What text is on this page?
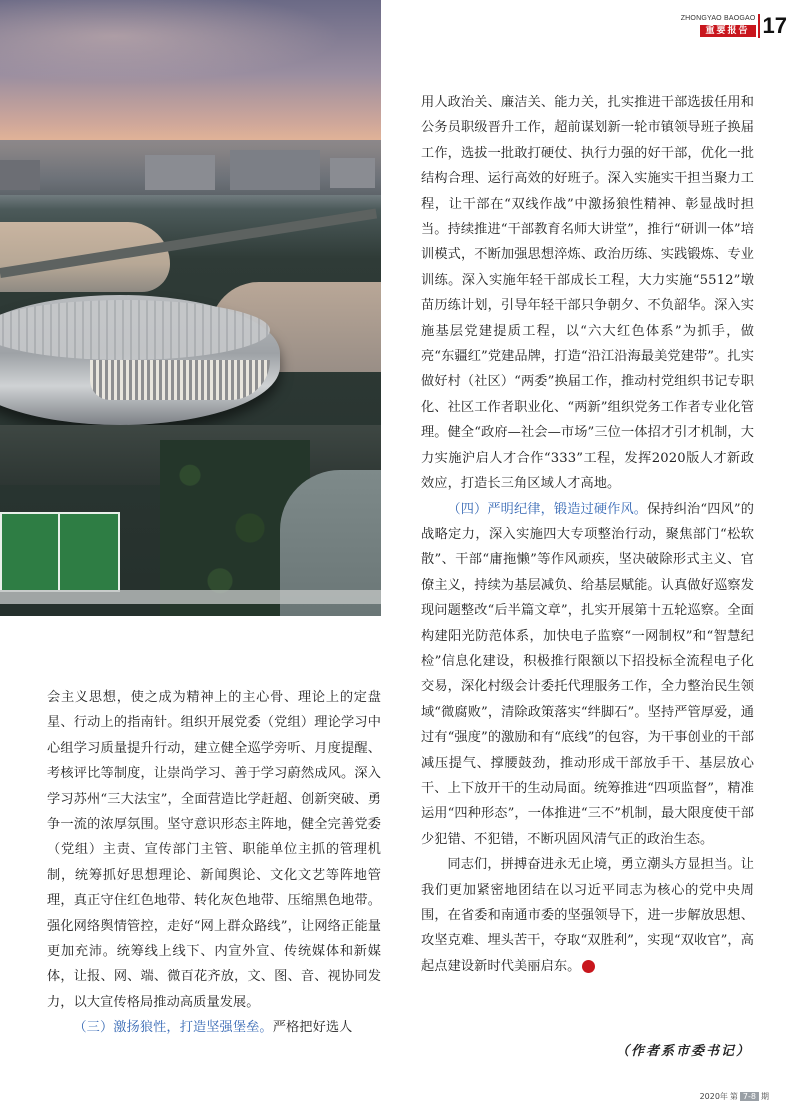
ZHONGYAO BAOGAO
重要报告 17

用人政治关、廉洁关、能力关，扎实推进干部选拔任用和公务员职级晋升工作，超前谋划新一轮市镇领导班子换届工作，选拔一批敢打硬仗、执行力强的好干部，优化一批结构合理、运行高效的好班子。深入实施实干担当聚力工程，让干部在“双线作战”中激扬狼性精神、彰显战时担当。持续推进“干部教育名师大讲堂”，推行“研训一体”培训模式，不断加强思想淬炼、政治历练、实践锻炼、专业训练。深入实施年轻干部成长工程，大力实施“5512”墩苗历练计划，引导年轻干部只争朝夕、不负韶华。深入实施基层党建提质工程，以“六大红色体系”为抓手，做亮“东疆红”党建品牌，打造“沿江沿海最美党建带”。扎实做好村（社区）“两委”换届工作，推动村党组织书记专职化、社区工作者职业化、“两新”组织党务工作者专业化管理。健全“政府—社会—市场”三位一体招才引才机制，大力实施沪启人才合作“333”工程，发挥2020版人才新政效应，打造长三角区域人才高地。

（四）严明纪律，锻造过硬作风。保持纠治“四风”的战略定力，深入实施四大专项整治行动，聚焦部门“松软散”、干部“庸拖懒”等作风顽疾，坚决破除形式主义、官僚主义，持续为基层减负、给基层赋能。认真做好巡察发现问题整改“后半篇文章”，扎实开展第十五轮巡察。全面构建阳光防范体系，加快电子监察“一网制权”和“智慧纪检”信息化建设，积极推行限额以下招投标全流程电子化交易，深化村级会计委托代理服务工作，全力整治民生领域“微腐败”，清除政策落实“绊脚石”。坚持严管厚爱，通过有“强度”的激励和有“底线”的包容，为干事创业的干部减压提气、撑腰鼓劲，推动形成干部放手干、基层放心干、上下放开干的生动局面。统筹推进“四项监督”，精准运用“四种形态”，一体推进“三不”机制，最大限度使干部少犯错、不犯错，不断巩固风清气正的政治生态。

同志们，拼搏奋进永无止境，勇立潮头方显担当。让我们更加紧密地团结在以习近平同志为核心的党中央周围，在省委和南通市委的坚强领导下，进一步解放思想、攻坚克难、埋头苦干，夺取“双胜利”，实现“双收官”，高起点建设新时代美丽启东。	党

会主义思想，使之成为精神上的主心骨、理论上的定盘星、行动上的指南针。组织开展党委（党组）理论学习中心组学习质量提升行动，建立健全巡学旁听、月度提醒、考核评比等制度，让崇尚学习、善于学习蔚然成风。深入学习苏州“三大法宝”，全面营造比学赶超、创新突破、勇争一流的浓厚氛围。坚守意识形态主阵地，健全完善党委（党组）主责、宣传部门主管、职能单位主抓的管理机制，统筹抓好思想理论、新闻舆论、文化文艺等阵地管理，真正守住红色地带、转化灰色地带、压缩黑色地带。强化网络舆情管控，走好“网上群众路线”，让网络正能量更加充沛。统筹线上线下、内宣外宣、传统媒体和新媒体，让报、网、端、微百花齐放，文、图、音、视协同发力，以大宣传格局推动高质量发展。

（三）激扬狼性，打造坚强堡垒。严格把好选人

（作者系市委书记）
2020年 第 7-8 期
